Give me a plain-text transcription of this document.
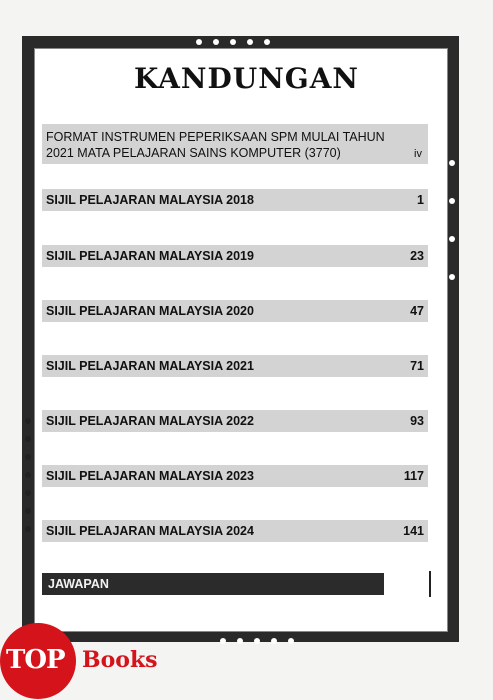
KANDUNGAN
FORMAT INSTRUMEN PEPERIKSAAN SPM MULAI TAHUN
2021 MATA PELAJARAN SAINS KOMPUTER (3770)	iv
SIJIL PELAJARAN MALAYSIA 2018	1
SIJIL PELAJARAN MALAYSIA 2019	23
SIJIL PELAJARAN MALAYSIA 2020	47
SIJIL PELAJARAN MALAYSIA 2021	71
SIJIL PELAJARAN MALAYSIA 2022	93
SIJIL PELAJARAN MALAYSIA 2023	117
SIJIL PELAJARAN MALAYSIA 2024	141
JAWAPAN
TOP Books
